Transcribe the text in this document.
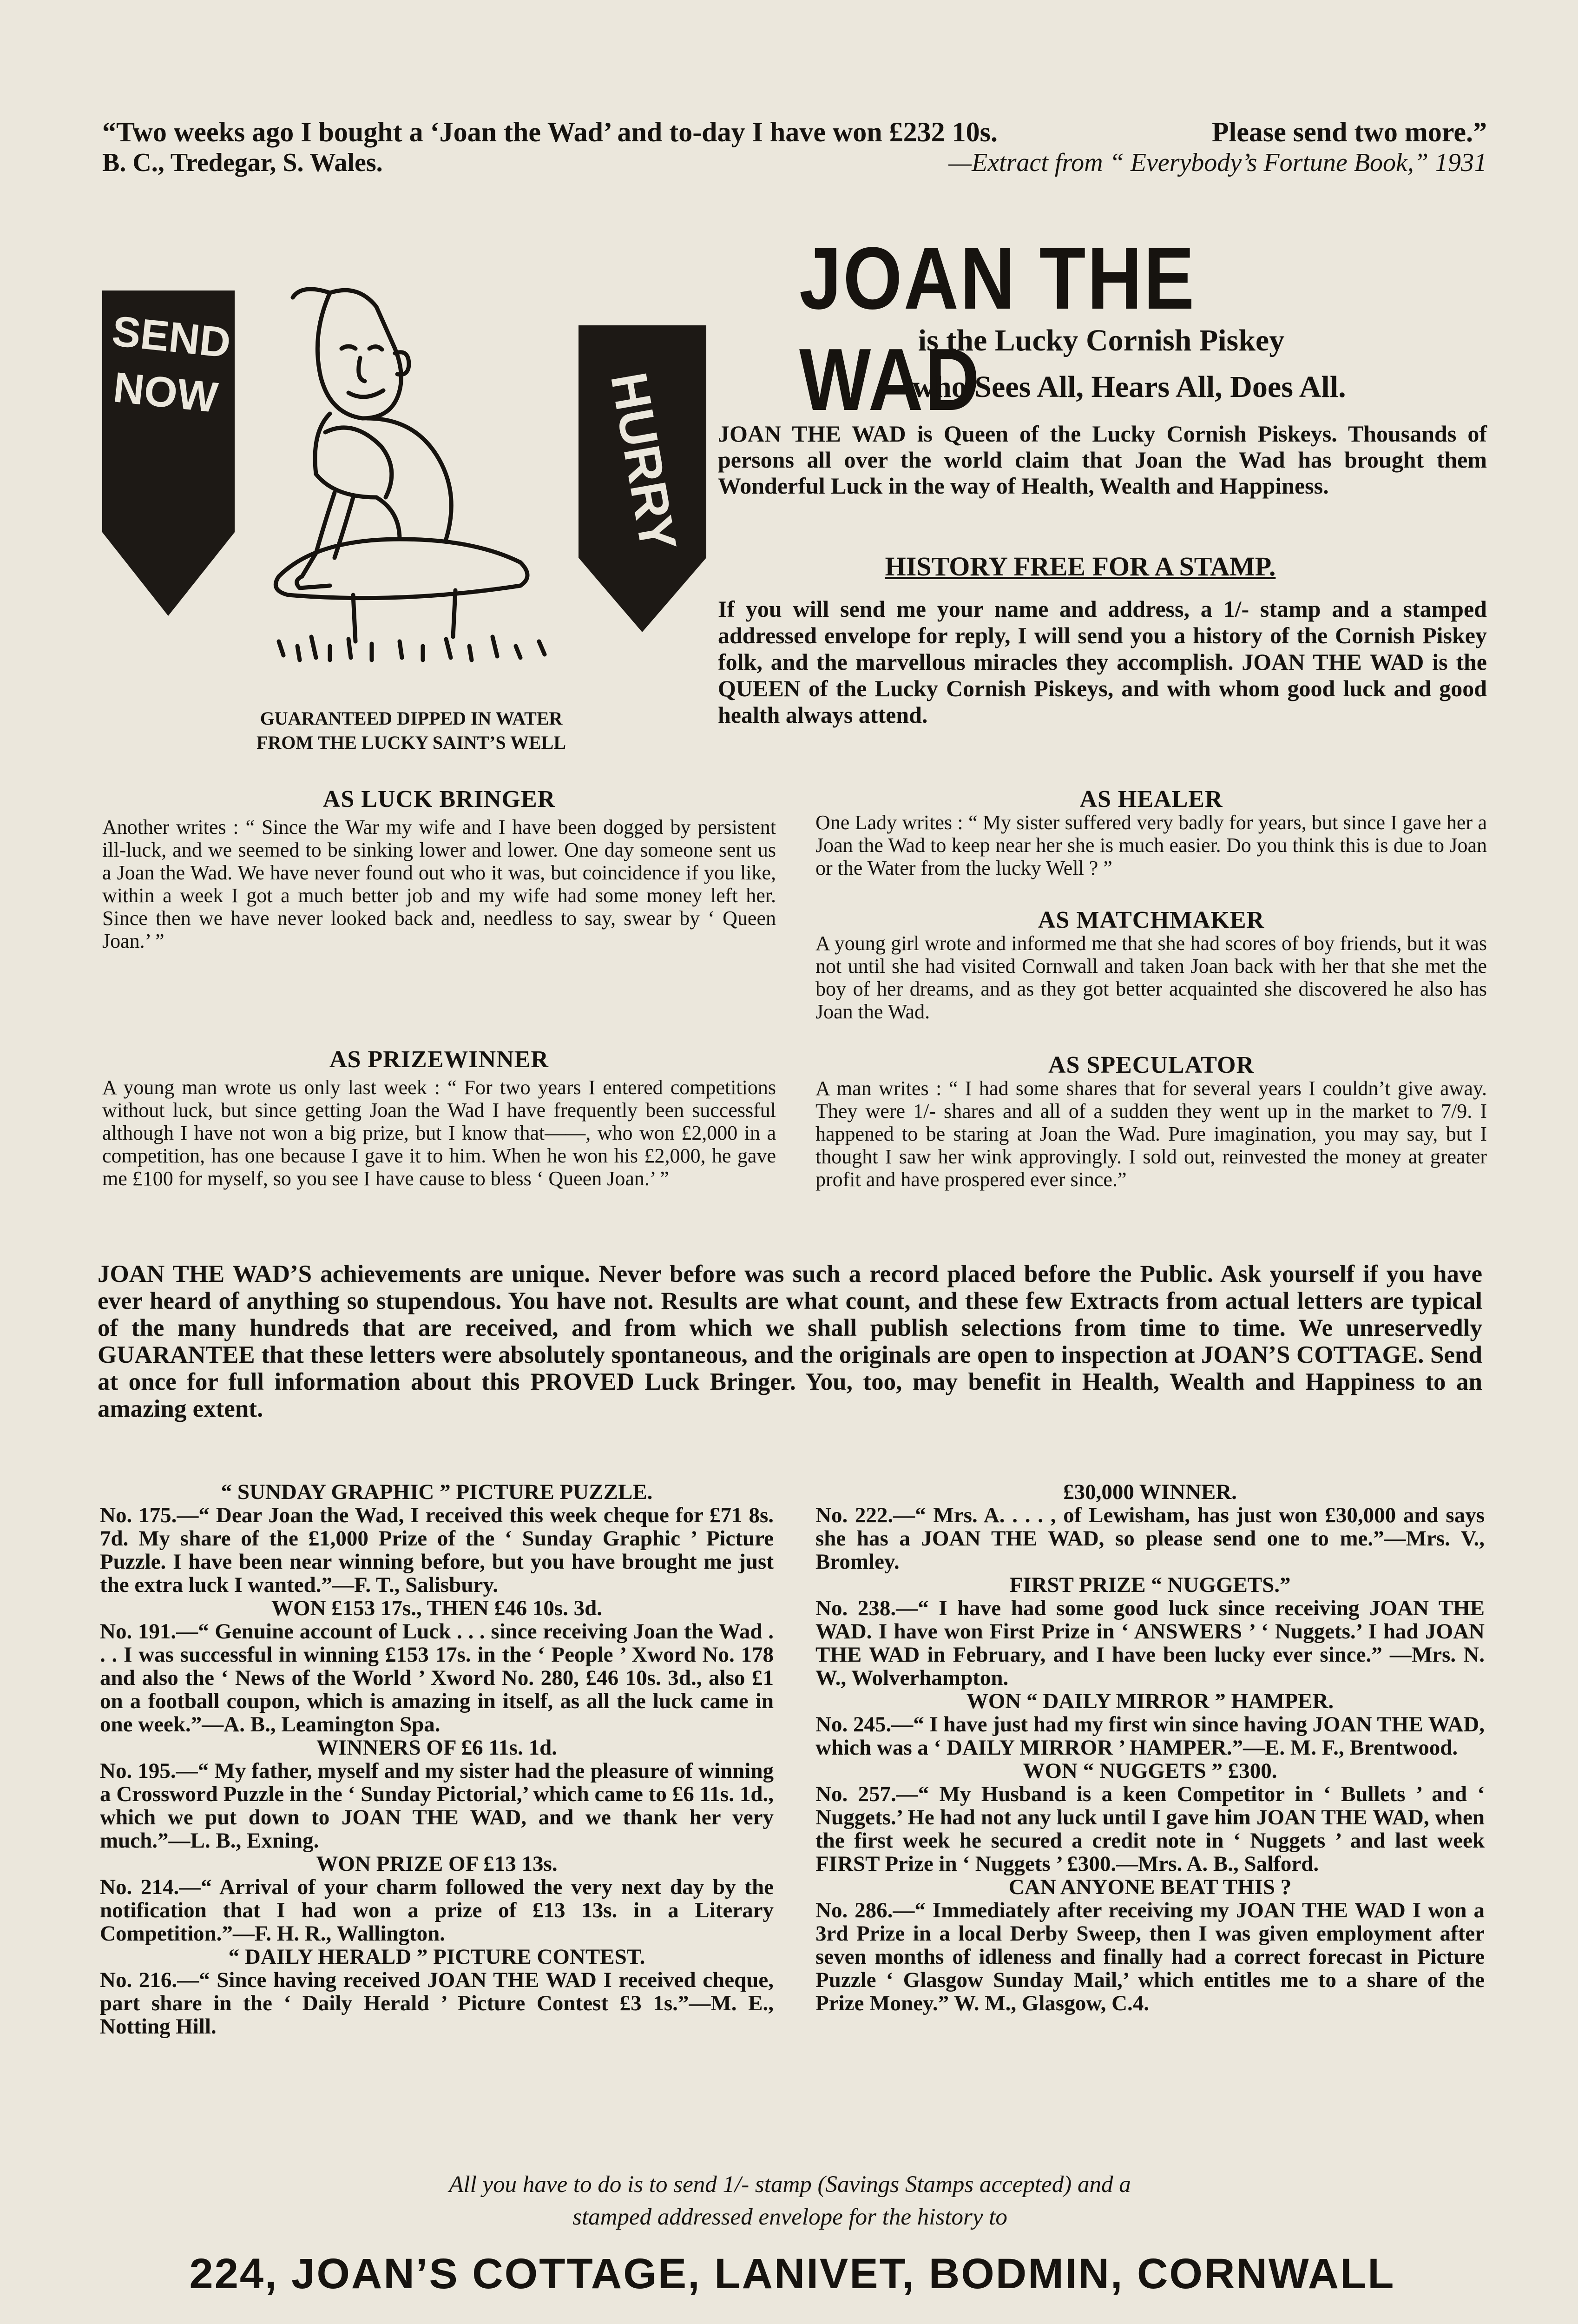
“Two weeks ago I bought a ‘Joan the Wad’ and to-day I have won £232 10s.	Please send two more.”
B. C., Tredegar, S. Wales.	—Extract from “ Everybody’s Fortune Book,” 1931
JOAN THE WAD
is the Lucky Cornish Piskey
who Sees All, Hears All, Does All.
SEND NOW	HURRY
GUARANTEED DIPPED IN WATER
FROM THE LUCKY SAINT’S WELL

JOAN THE WAD is Queen of the Lucky Cornish Piskeys. Thousands of persons all over the world claim that Joan the Wad has brought them Wonderful Luck in the way of Health, Wealth and Happiness.

HISTORY FREE FOR A STAMP.

If you will send me your name and address, a 1/- stamp and a stamped addressed envelope for reply, I will send you a history of the Cornish Piskey folk, and the marvellous miracles they accomplish. JOAN THE WAD is the QUEEN of the Lucky Cornish Piskeys, and with whom good luck and good health always attend.

AS LUCK BRINGER

Another writes : “ Since the War my wife and I have been dogged by persistent ill-luck, and we seemed to be sinking lower and lower. One day someone sent us a Joan the Wad. We have never found out who it was, but coincidence if you like, within a week I got a much better job and my wife had some money left her. Since then we have never looked back and, needless to say, swear by ‘ Queen Joan.’ ”

AS PRIZEWINNER

A young man wrote us only last week : “ For two years I entered competitions without luck, but since getting Joan the Wad I have frequently been successful although I have not won a big prize, but I know that——, who won £2,000 in a competition, has one because I gave it to him. When he won his £2,000, he gave me £100 for myself, so you see I have cause to bless ‘ Queen Joan.’ ”

AS HEALER

One Lady writes : “ My sister suffered very badly for years, but since I gave her a Joan the Wad to keep near her she is much easier. Do you think this is due to Joan or the Water from the lucky Well ? ”

AS MATCHMAKER

A young girl wrote and informed me that she had scores of boy friends, but it was not until she had visited Cornwall and taken Joan back with her that she met the boy of her dreams, and as they got better acquainted she discovered he also has Joan the Wad.

AS SPECULATOR

A man writes : “ I had some shares that for several years I couldn’t give away. They were 1/- shares and all of a sudden they went up in the market to 7/9. I happened to be staring at Joan the Wad. Pure imagination, you may say, but I thought I saw her wink approvingly. I sold out, reinvested the money at greater profit and have prospered ever since.”

JOAN THE WAD’S achievements are unique. Never before was such a record placed before the Public. Ask yourself if you have ever heard of anything so stupendous. You have not. Results are what count, and these few Extracts from actual letters are typical of the many hundreds that are received, and from which we shall publish selections from time to time. We unreservedly GUARANTEE that these letters were absolutely spontaneous, and the originals are open to inspection at JOAN’S COTTAGE. Send at once for full information about this PROVED Luck Bringer. You, too, may benefit in Health, Wealth and Happiness to an amazing extent.

“ SUNDAY GRAPHIC ” PICTURE PUZZLE.

No. 175.—“ Dear Joan the Wad, I received this week cheque for £71 8s. 7d. My share of the £1,000 Prize of the ‘ Sunday Graphic ’ Picture Puzzle. I have been near winning before, but you have brought me just the extra luck I wanted.”—F. T., Salisbury.

WON £153 17s., THEN £46 10s. 3d.

No. 191.—“ Genuine account of Luck . . . since receiving Joan the Wad . . . I was successful in winning £153 17s. in the ‘ People ’ Xword No. 178 and also the ‘ News of the World ’ Xword No. 280, £46 10s. 3d., also £1 on a football coupon, which is amazing in itself, as all the luck came in one week.”—A. B., Leamington Spa.

WINNERS OF £6 11s. 1d.

No. 195.—“ My father, myself and my sister had the pleasure of winning a Crossword Puzzle in the ‘ Sunday Pictorial,’ which came to £6 11s. 1d., which we put down to JOAN THE WAD, and we thank her very much.”—L. B., Exning.

WON PRIZE OF £13 13s.

No. 214.—“ Arrival of your charm followed the very next day by the notification that I had won a prize of £13 13s. in a Literary Competition.”—F. H. R., Wallington.

“ DAILY HERALD ” PICTURE CONTEST.

No. 216.—“ Since having received JOAN THE WAD I received cheque, part share in the ‘ Daily Herald ’ Picture Contest £3 1s.”—M. E., Notting Hill.

£30,000 WINNER.

No. 222.—“ Mrs. A. . . . , of Lewisham, has just won £30,000 and says she has a JOAN THE WAD, so please send one to me.”—Mrs. V., Bromley.

FIRST PRIZE “ NUGGETS.”

No. 238.—“ I have had some good luck since receiving JOAN THE WAD. I have won First Prize in ‘ ANSWERS ’ ‘ Nuggets.’ I had JOAN THE WAD in February, and I have been lucky ever since.” —Mrs. N. W., Wolverhampton.

WON “ DAILY MIRROR ” HAMPER.

No. 245.—“ I have just had my first win since having JOAN THE WAD, which was a ‘ DAILY MIRROR ’ HAMPER.”—E. M. F., Brentwood.

WON “ NUGGETS ” £300.

No. 257.—“ My Husband is a keen Competitor in ‘ Bullets ’ and ‘ Nuggets.’ He had not any luck until I gave him JOAN THE WAD, when the first week he secured a credit note in ‘ Nuggets ’ and last week FIRST Prize in ‘ Nuggets ’ £300.—Mrs. A. B., Salford.

CAN ANYONE BEAT THIS ?

No. 286.—“ Immediately after receiving my JOAN THE WAD I won a 3rd Prize in a local Derby Sweep, then I was given employment after seven months of idleness and finally had a correct forecast in Picture Puzzle ‘ Glasgow Sunday Mail,’ which entitles me to a share of the Prize Money.” W. M., Glasgow, C.4.

All you have to do is to send 1/- stamp (Savings Stamps accepted) and a
stamped addressed envelope for the history to
224, JOAN’S COTTAGE, LANIVET, BODMIN, CORNWALL
